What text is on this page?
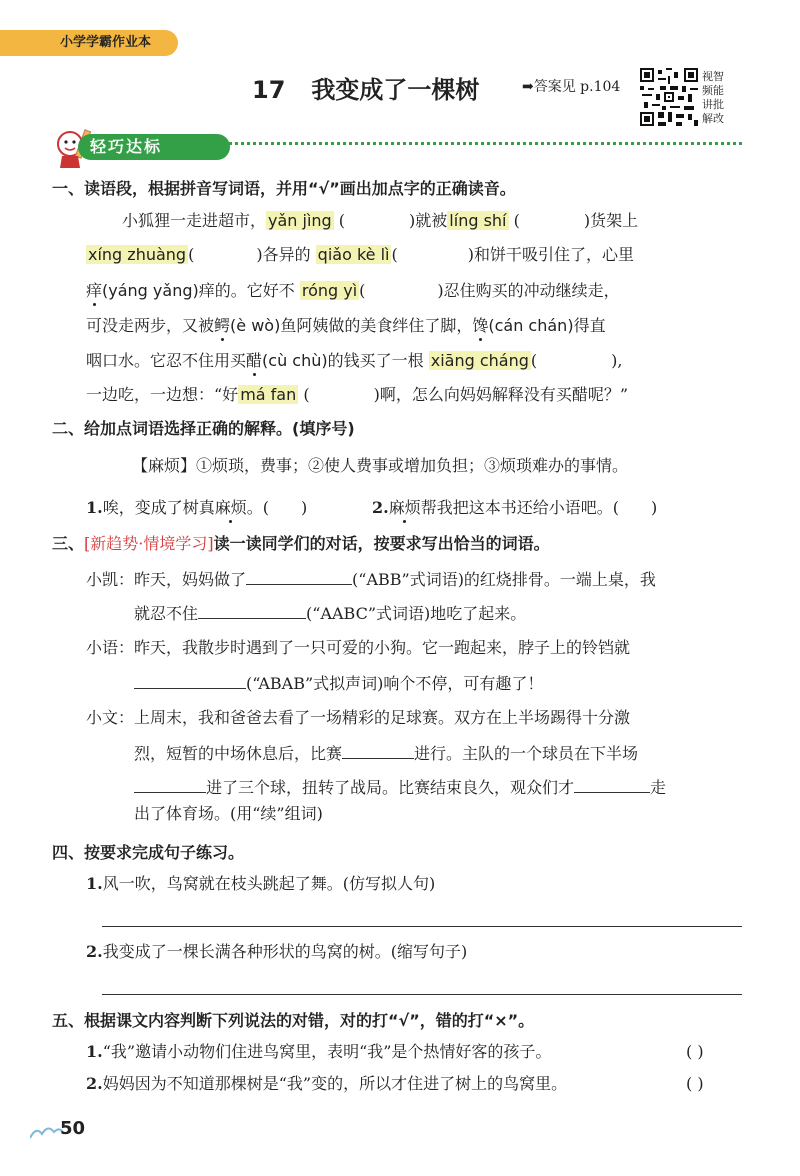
小学学霸作业本
17 我变成了一棵树	➡答案见 p.104
视智
频能
讲批
解改
轻巧达标
一、读语段，根据拼音写词语，并用“√”画出加点字的正确读音。
小狐狸一走进超市， yǎn jìng (	)就被 líng shí (	)货架上
xíng zhuàng (	)各异的 qiǎo kè lì (	)和饼干吸引住了，心里
痒(yáng yǎng)痒的。它好不 róng yì (	)忍住购买的冲动继续走，
可没走两步，又被鳄(è wò)鱼阿姨做的美食绊住了脚，馋(cán chán)得直
咽口水。它忍不住用买醋(cù chù)的钱买了一根 xiāng cháng (	),
一边吃，一边想：“好 má fan (	)啊，怎么向妈妈解释没有买醋呢？”
二、给加点词语选择正确的解释。(填序号)
【麻烦】①烦琐，费事；②使人费事或增加负担；③烦琐难办的事情。
1.唉，变成了树真麻烦。( )	2.麻烦帮我把这本书还给小语吧。( )
三、[新趋势·情境学习]读一读同学们的对话，按要求写出恰当的词语。
小凯：昨天，妈妈做了	(“ABB”式词语)的红烧排骨。一端上桌，我
就忍不住	(“AABC”式词语)地吃了起来。
小语：昨天，我散步时遇到了一只可爱的小狗。它一跑起来，脖子上的铃铛就
(“ABAB”式拟声词)响个不停，可有趣了！
小文：上周末，我和爸爸去看了一场精彩的足球赛。双方在上半场踢得十分激
烈，短暂的中场休息后，比赛	进行。主队的一个球员在下半场
进了三个球，扭转了战局。比赛结束良久，观众们才	走
出了体育场。(用“续”组词)
四、按要求完成句子练习。
1.风一吹，鸟窝就在枝头跳起了舞。(仿写拟人句)
2.我变成了一棵长满各种形状的鸟窝的树。(缩写句子)
五、根据课文内容判断下列说法的对错，对的打“√”，错的打“×”。
1.“我”邀请小动物们住进鸟窝里，表明“我”是个热情好客的孩子。	( )
2.妈妈因为不知道那棵树是“我”变的，所以才住进了树上的鸟窝里。	( )
50
